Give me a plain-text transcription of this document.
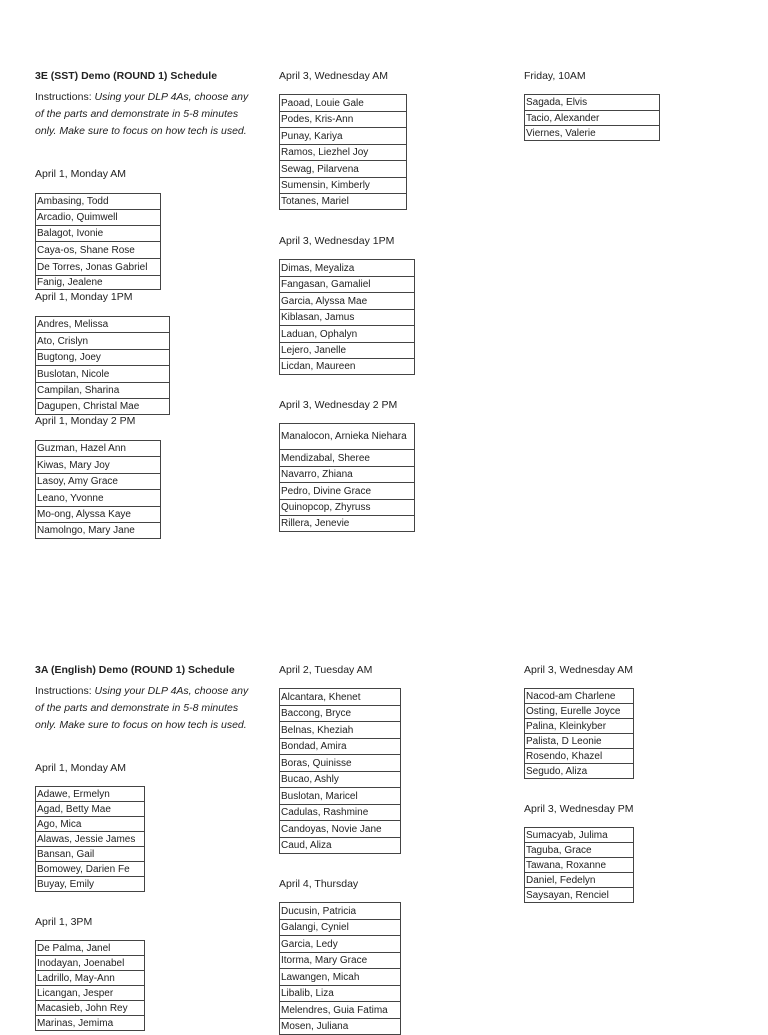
3E (SST) Demo (ROUND 1) Schedule

Instructions: Using your DLP 4As, choose any of the parts and demonstrate in 5-8 minutes only. Make sure to focus on how tech is used.

April 1, Monday AM
Ambasing, Todd
Arcadio, Quimwell
Balagot, Ivonie
Caya-os, Shane Rose
De Torres, Jonas Gabriel
Fanig, Jealene
April 1, Monday 1PM
Andres, Melissa
Ato, Crislyn
Bugtong, Joey
Buslotan, Nicole
Campilan, Sharina
Dagupen, Christal Mae
April 1, Monday 2 PM
Guzman, Hazel Ann
Kiwas, Mary Joy
Lasoy, Amy Grace
Leano, Yvonne
Mo-ong, Alyssa Kaye
Namolngo, Mary Jane
April 3, Wednesday AM
Paoad, Louie Gale
Podes, Kris-Ann
Punay, Kariya
Ramos, Liezhel Joy
Sewag, Pilarvena
Sumensin, Kimberly
Totanes, Mariel
April 3, Wednesday 1PM
Dimas, Meyaliza
Fangasan, Gamaliel
Garcia, Alyssa Mae
Kiblasan, Jamus
Laduan, Ophalyn
Lejero, Janelle
Licdan, Maureen
April 3, Wednesday 2 PM
Manalocon, Arnieka Niehara
Mendizabal, Sheree
Navarro, Zhiana
Pedro, Divine Grace
Quinopcop, Zhyruss
Rillera, Jenevie
Friday, 10AM
Sagada, Elvis
Tacio, Alexander
Viernes, Valerie

3A (English) Demo (ROUND 1) Schedule

Instructions: Using your DLP 4As, choose any of the parts and demonstrate in 5-8 minutes only. Make sure to focus on how tech is used.

April 1, Monday AM
Adawe, Ermelyn
Agad, Betty Mae
Ago, Mica
Alawas, Jessie James
Bansan, Gail
Bomowey, Darien Fe
Buyay, Emily
April 1, 3PM
De Palma, Janel
Inodayan, Joenabel
Ladrillo, May-Ann
Licangan, Jesper
Macasieb, John Rey
Marinas, Jemima
April 2, Tuesday AM
Alcantara, Khenet
Baccong, Bryce
Belnas, Kheziah
Bondad, Amira
Boras, Quinisse
Bucao, Ashly
Buslotan, Maricel
Cadulas, Rashmine
Candoyas, Novie Jane
Caud, Aliza
April 4, Thursday
Ducusin, Patricia
Galangi, Cyniel
Garcia, Ledy
Itorma, Mary Grace
Lawangen, Micah
Libalib, Liza
Melendres, Guia Fatima
Mosen, Juliana
April 3, Wednesday AM
Nacod-am Charlene
Osting, Eurelle Joyce
Palina, Kleinkyber
Palista, D Leonie
Rosendo, Khazel
Segudo, Aliza
April 3, Wednesday PM
Sumacyab, Julima
Taguba, Grace
Tawana, Roxanne
Daniel, Fedelyn
Saysayan, Renciel
